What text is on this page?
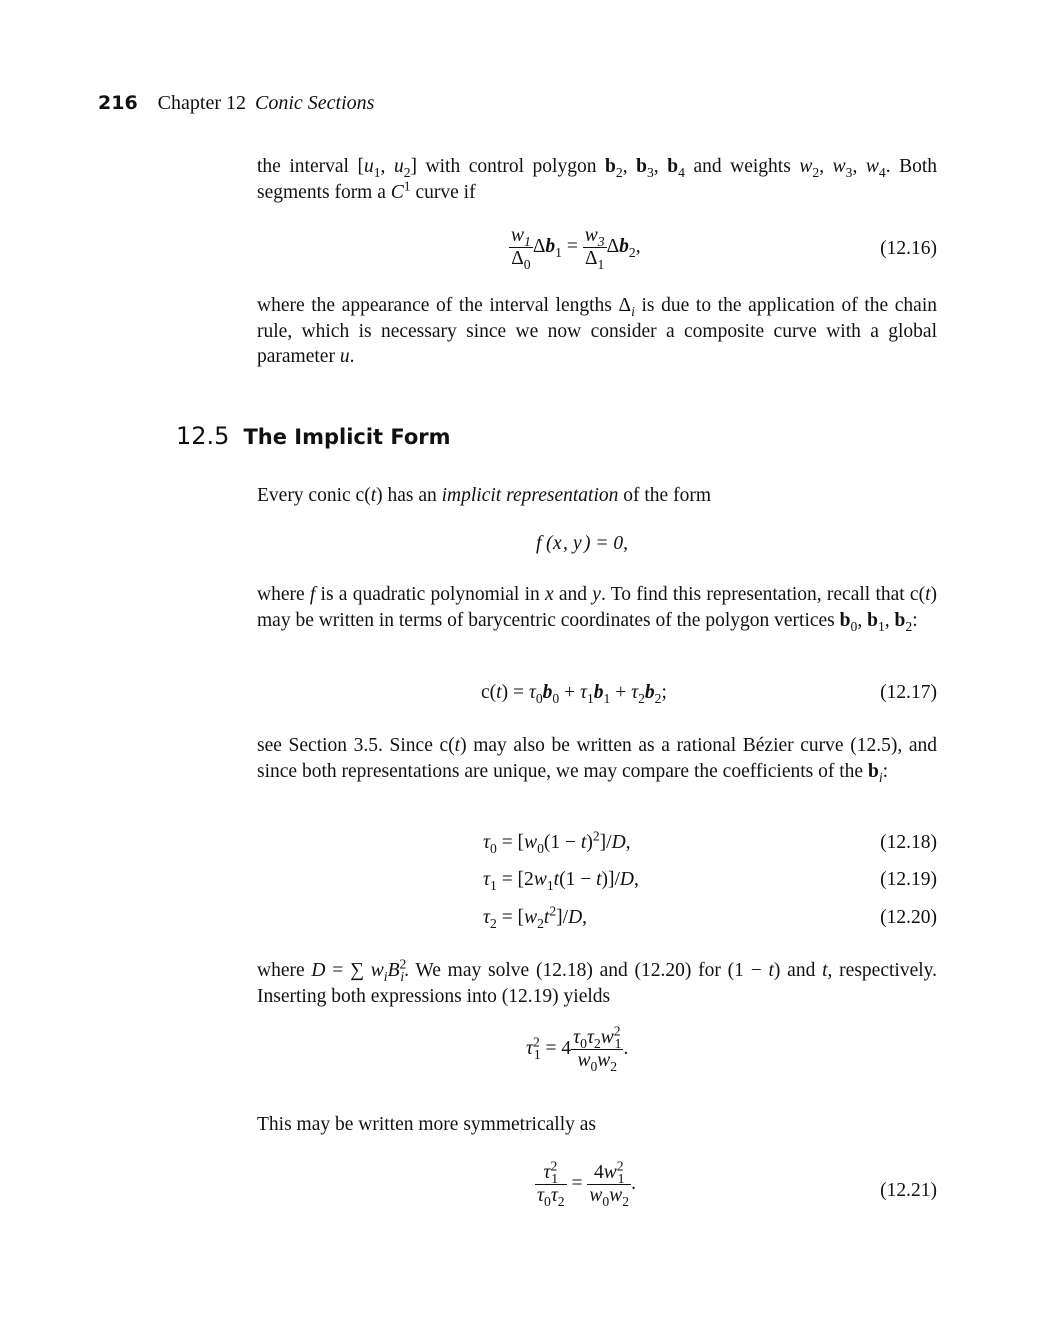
216 Chapter 12 Conic Sections
the interval [$u_1$, $u_2$] with control polygon $b_2$, $b_3$, $b_4$ and weights $w_2$, $w_3$, $w_4$. Both segments form a $C^1$ curve if
$\frac{w_1}{\Delta_0} \Delta b_1 = \frac{w_3}{\Delta_1} \Delta b_2$,	(12.16)
where the appearance of the interval lengths $\Delta_i$ is due to the application of the chain rule, which is necessary since we now consider a composite curve with a global parameter u.
12.5 The Implicit Form
Every conic c(t) has an implicit representation of the form
f ( x , y ) = 0,
where f is a quadratic polynomial in x and y. To find this representation, recall that c(t) may be written in terms of barycentric coordinates of the polygon vertices $b_0$, $b_1$, $b_2$:
$c(t) = \tau_0b_0 + \tau_1b_1 + \tau_2b_2$;	(12.17)
see Section 3.5. Since c(t) may also be written as a rational Bézier curve (12.5), and since both representations are unique, we may compare the coefficients of the $b_i$:
$\tau_0 = [w_0(1 - t)^2]/D$,	(12.18)
$\tau_1 = [2w_1t(1 - t)]/D$,	(12.19)
$\tau_2 = [w_2t^2]/D$,	(12.20)
where D = ∑ $w_iB^2_i$. We may solve (12.18) and (12.20) for (1 − t) and t, respectively. Inserting both expressions into (12.19) yields
$\tau^2_1 = 4 \frac{\tau_0\tau_2w^2_1}{w_0w_2}$ .
This may be written more symmetrically as
$\frac{\tau^2_1}{\tau_0\tau_2} = \frac{4w^2_1}{w_0w_2}$ .	(12.21)
